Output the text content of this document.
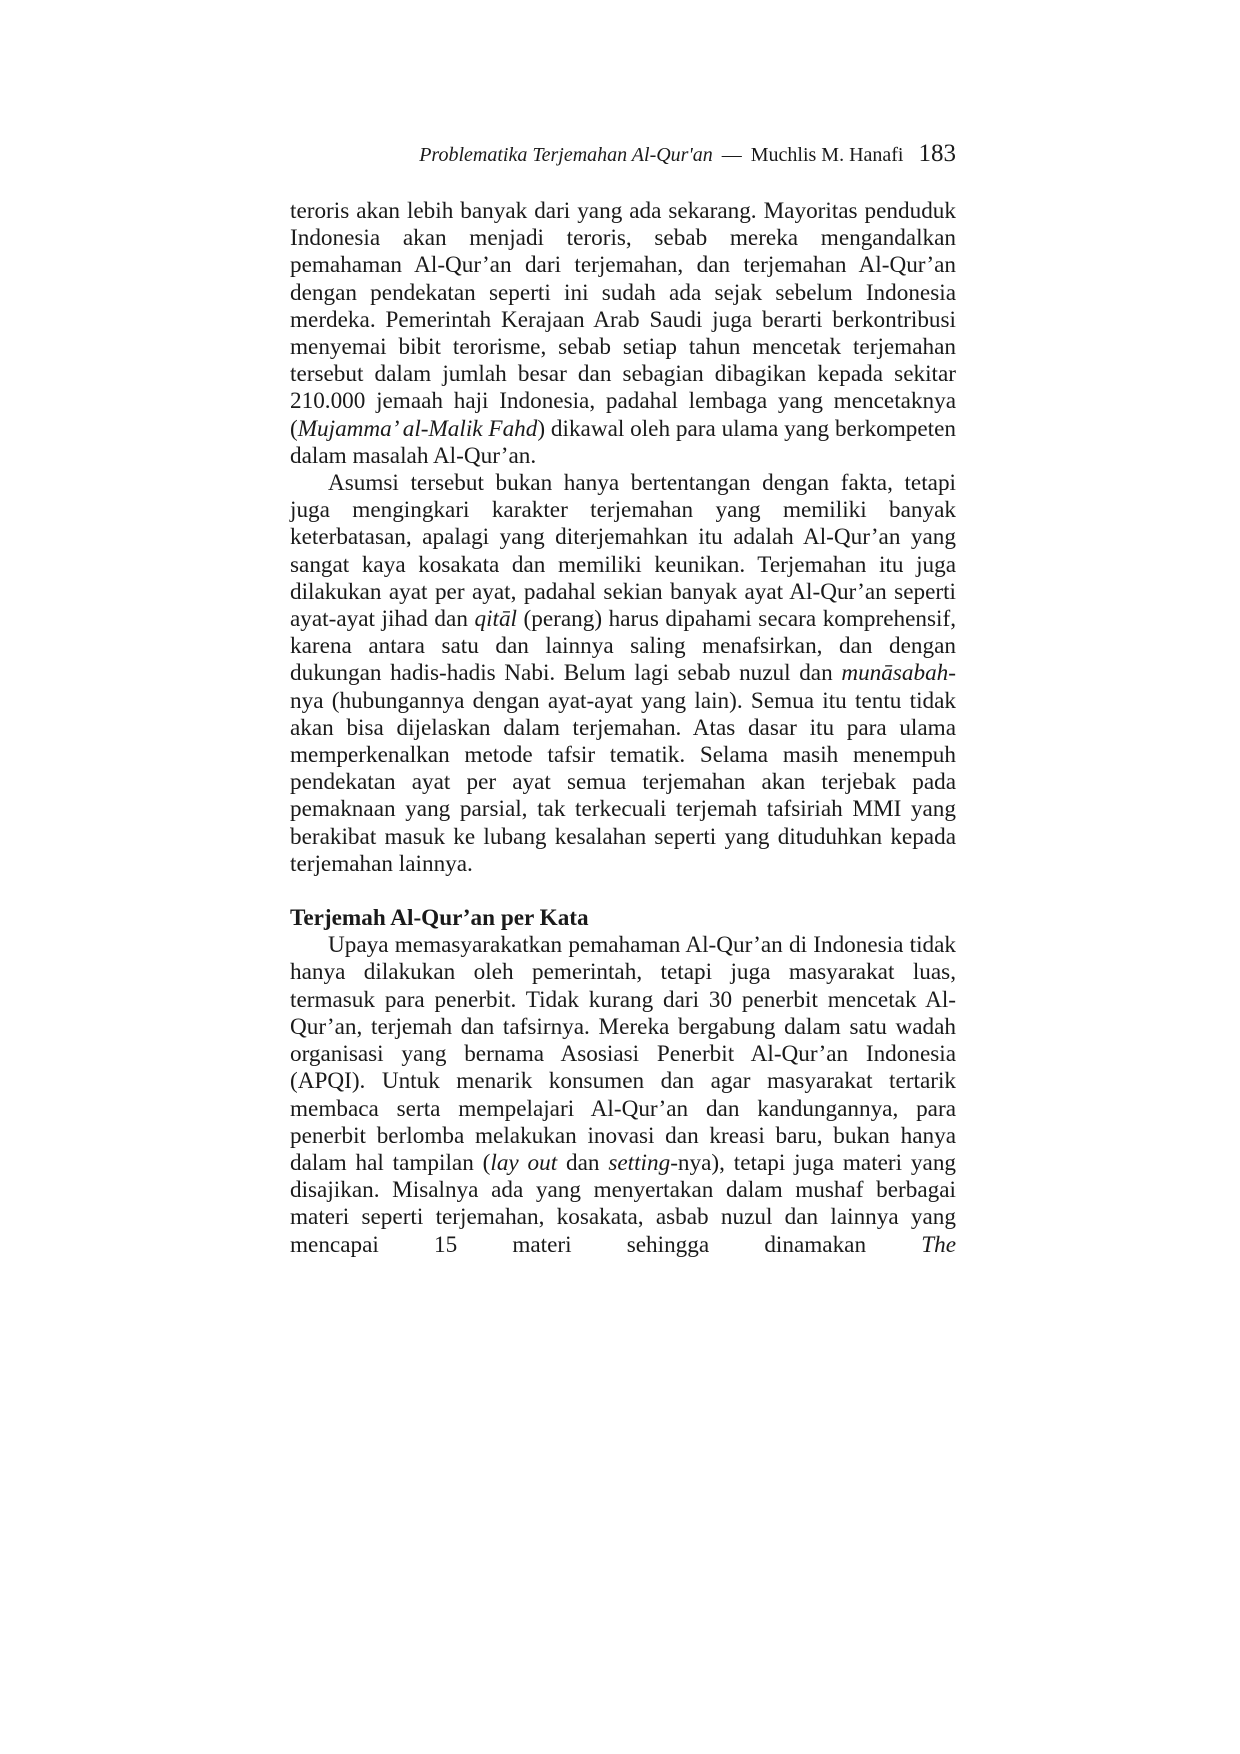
Problematika Terjemahan Al-Qur'an — Muchlis M. Hanafi 183

teroris akan lebih banyak dari yang ada sekarang. Mayoritas penduduk Indonesia akan menjadi teroris, sebab mereka mengandalkan pemahaman Al-Qur’an dari terjemahan, dan terjemahan Al-Qur’an dengan pendekatan seperti ini sudah ada sejak sebelum Indonesia merdeka. Pemerintah Kerajaan Arab Saudi juga berarti berkontribusi menyemai bibit terorisme, sebab setiap tahun mencetak terjemahan tersebut dalam jumlah besar dan sebagian dibagikan kepada sekitar 210.000 jemaah haji Indonesia, padahal lembaga yang mencetaknya (Mujamma’ al-Malik Fahd) dikawal oleh para ulama yang berkompeten dalam masalah Al-Qur’an.

Asumsi tersebut bukan hanya bertentangan dengan fakta, tetapi juga mengingkari karakter terjemahan yang memiliki banyak keterbatasan, apalagi yang diterjemahkan itu adalah Al-Qur’an yang sangat kaya kosakata dan memiliki keunikan. Terjemahan itu juga dilakukan ayat per ayat, padahal sekian banyak ayat Al-Qur’an seperti ayat-ayat jihad dan qitāl (perang) harus dipahami secara komprehensif, karena antara satu dan lainnya saling menafsirkan, dan dengan dukungan hadis-hadis Nabi. Belum lagi sebab nuzul dan munāsabah-nya (hubungannya dengan ayat-ayat yang lain). Semua itu tentu tidak akan bisa dijelaskan dalam terjemahan. Atas dasar itu para ulama memperkenalkan metode tafsir tematik. Selama masih menempuh pendekatan ayat per ayat semua terjemahan akan terjebak pada pemaknaan yang parsial, tak terkecuali terjemah tafsiriah MMI yang berakibat masuk ke lubang kesalahan seperti yang dituduhkan kepada terjemahan lainnya.

Terjemah Al-Qur’an per Kata

Upaya memasyarakatkan pemahaman Al-Qur’an di Indonesia tidak hanya dilakukan oleh pemerintah, tetapi juga masyarakat luas, termasuk para penerbit. Tidak kurang dari 30 penerbit mencetak Al-Qur’an, terjemah dan tafsirnya. Mereka bergabung dalam satu wadah organisasi yang bernama Asosiasi Penerbit Al-Qur’an Indonesia (APQI). Untuk menarik konsumen dan agar masyarakat tertarik membaca serta mempelajari Al-Qur’an dan kandungannya, para penerbit berlomba melakukan inovasi dan kreasi baru, bukan hanya dalam hal tampilan (lay out dan setting-nya), tetapi juga materi yang disajikan. Misalnya ada yang menyertakan dalam mushaf berbagai materi seperti terjemahan, kosakata, asbab nuzul dan lainnya yang mencapai 15 materi sehingga dinamakan The
